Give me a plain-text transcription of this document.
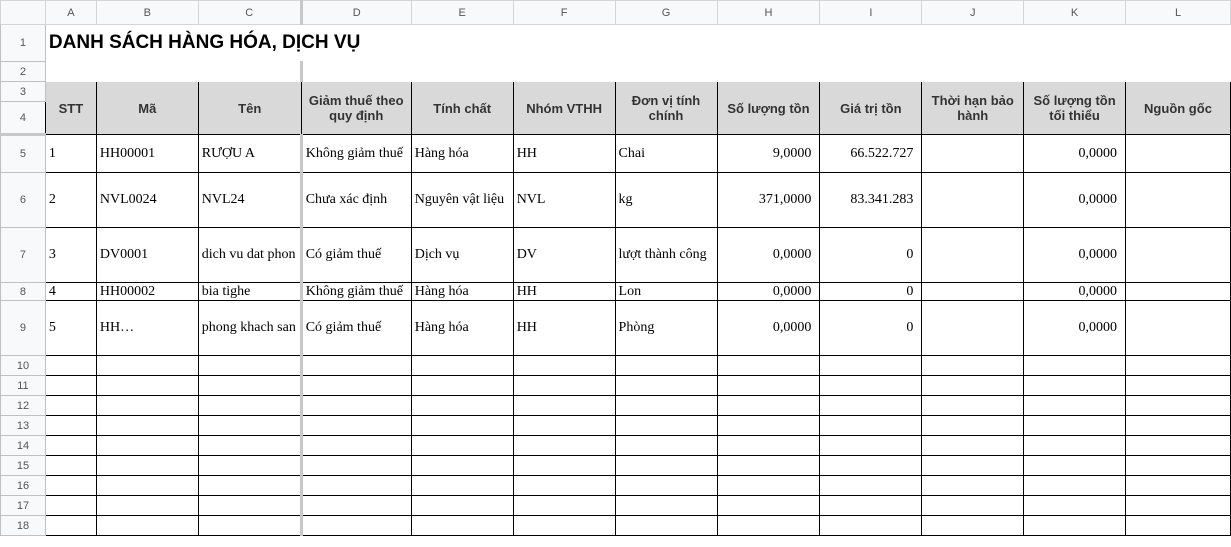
	A	B	C	D	E	F	G	H	I	J	K	L
1	DANH SÁCH HÀNG HÓA, DỊCH VỤ											
2												
3	STT	Mã	Tên	Giảm thuế theo quy định	Tính chất	Nhóm VTHH	Đơn vị tính chính	Số lượng tồn	Giá trị tồn	Thời hạn bảo hành	Số lượng tồn tối thiểu	Nguồn gốc
4												
5	1	HH00001	RƯỢU A	Không giảm thuế	Hàng hóa	HH	Chai	9,0000	66.522.727		0,0000	
6	2	NVL0024	NVL24	Chưa xác định	Nguyên vật liệu	NVL	kg	371,0000	83.341.283		0,0000	
7	3	DV0001	dich vu dat phon	Có giảm thuế	Dịch vụ	DV	lượt thành công	0,0000	0		0,0000	
8	4	HH00002	bia tighe	Không giảm thuế	Hàng hóa	HH	Lon	0,0000	0		0,0000	
9	5	HH…	phong khach san	Có giảm thuế	Hàng hóa	HH	Phòng	0,0000	0		0,0000	
10												
11												
12												
13												
14												
15												
16												
17												
18												
